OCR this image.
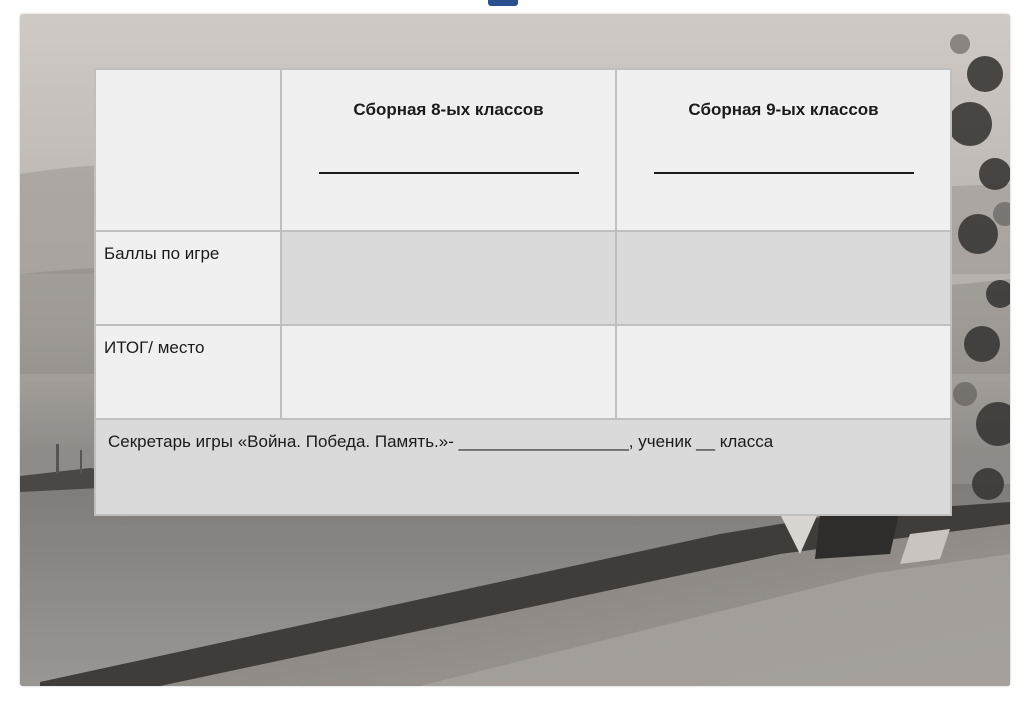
	Сборная 8-ых классов	Сборная 9-ых классов

Баллы по игре		

ИТОГ/ место		

Секретарь игры «Война. Победа. Память.»- __________________, ученик __ класса		
